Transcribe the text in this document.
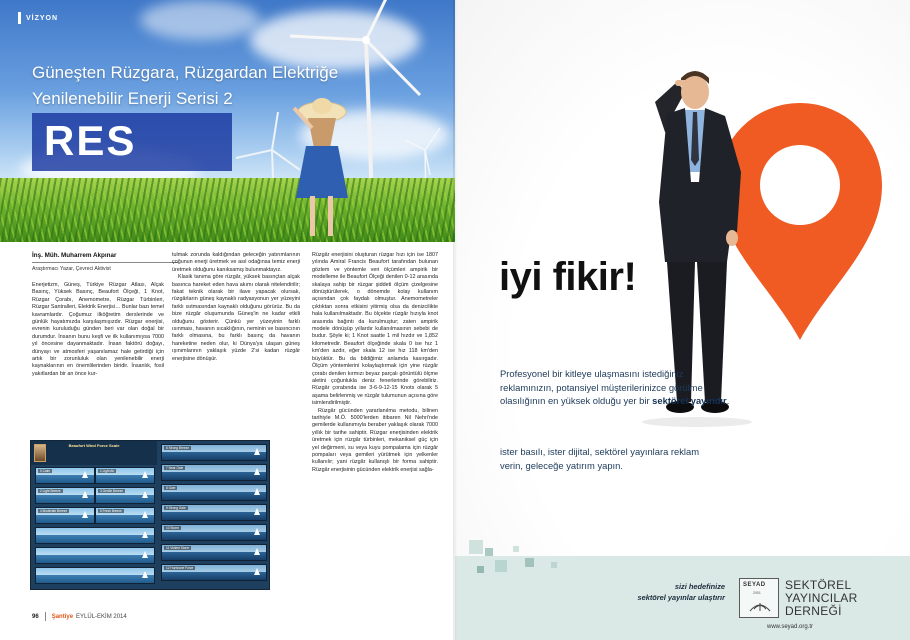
VİZYON
Güneşten Rüzgara, Rüzgardan Elektriğe
Yenilenebilir Enerji Serisi 2
RES
İnş. Müh. Muharrem Akpınar
Araştırmacı Yazar, Çevreci Aktivist

Enerjetizm, Güneş, Türkiye Rüzgar Atlası, Alçak Basınç, Yüksek Basınç, Beaufort Ölçeği, 1 Knot, Rüzgar Çorabı, Anemometre, Rüzgar Türbinleri, Rüzgar Santralleri, Elektrik Enerjisi… Bunlar bazı temel kavramlardır. Çoğumuz ilköğretim derslerinde ve günlük hayatımızda karşılaşmışızdır. Rüzgar enerjisi, evrenin kuruluduğu günden beri var olan doğal bir durumdur. İnsanın bunu keşfi ve ilk kullanımıysa 7000 yıl öncesine dayanmaktadır. İnsan faktörü doğayı, dünyayı ve atmosferi yaşanılamaz hale getirdiği için artık bir zorunluluk olan yenilenebilir enerji kaynaklarının en önemlilerinden biridir. İnsanlık, fosil yakıtlardan bir an önce kur-

tulmak zorunda kaldığından geleceğin yatırımlarının çoğunun enerji üretmek ve asıl odağınsa temiz enerji üretmek olduğunu kanıksamış bulunmaktayız.

Klasik tanıma göre rüzgâr, yüksek basınçtan alçak basınca hareket eden hava akımı olarak nitelendirilir; fakat teknik olarak bir ilave yapacak olursak, rüzgârların güneş kaynaklı radyasyonun yer yüzeyini farklı ısıtmasından kaynaklı olduğunu görürüz. Bu da bize rüzgâr oluşumunda Güneş'in ne kadar etkili olduğunu gösterir. Çünkü yer yüzeyinin farklı ısınması, havanın sıcaklığının, neminin ve basıncının farklı olmasına, bu farklı basınç da havanın hareketine neden olur, ki Dünya'ya ulaşan güneş ışınımlarının yaklaşık yüzde 2'si kadarı rüzgâr enerjisine dönüşür.

Rüzgâr enerjisini oluşturan rüzgar hızı için ise 1807 yılında Amiral Francis Beaufort tarafından bulunan gözlem ve yöntemle veri ölçümleri ampirik bir modelleme ile Beaufort Ölçeği denilen 0-12 arasında skalaya sahip bir rüzgar şiddeti ölçüm çizelgesine dönüştürülerek, o dönemde kolay kullanım açısından çok faydalı olmuştur. Anemometreler çıktıktan sonra etkisini yitirmiş olsa da denizcilikte hala kullanılmaktadır. Bu ölçekte rüzgâr hızıyla knot arasında bağıntı da kurulmuştur; zaten ampirik modele dönüşüp yıllardır kullanılmasının sebebi de budur. Şöyle ki; 1 Knot saatte 1 mil hızdır ve 1,852 kilometredir. Beaufort ölçeğinde skala 0 ise hız 1 km'den azdır, eğer skala 12 ise hız 118 km'den büyüktür. Bu da bildiğimiz anlamda kasırgadır. Ölçüm yöntemlerini kolaylaştırmak için yine rüzgâr çorabı denilen kırmızı beyaz parçalı görüntülü ölçme aletini çoğunlukla deniz fenerlerinde görebiliriz. Rüzgâr çorabında ise 3-6-9-12-15 Knots olarak 5 aşama belirlenmiş ve rüzgâr tulumunun açısına göre isimlendirilmiştir.

Rüzgâr gücünden yararlanılma metodu, bilinen tarihiyle M.Ö. 5000'lerden itibaren Nil Nehri'nde gemilerde kullanımıyla beraber yaklaşık olarak 7000 yıllık bir tarihe sahiptir. Rüzgar enerjisinden elektrik üretmek için rüzgâr türbinleri, mekaniksel güç için yel değirmeni, su veya kuyu pompalama için rüzgâr pompaları veya gemileri yürütmek için yelkenler kullanılır; yani rüzgâr kullanışlı bir forma sahiptir. Rüzgâr enerjisinin gücünden elektrik enerjisi sağla-

Beaufort Wind Force Scale
0 Calm	1 Light Air
2 Light Breeze	3 Gentle Breeze
4 Moderate Breeze	5 Fresh Breeze
6 Strong Breeze
7 Near Gale
8 Gale
9 Strong Gale
10 Storm
11 Violent Storm
12 Hurricane Force
96 Şantiye EYLÜL-EKİM 2014
iyi fikir!
Profesyonel bir kitleye ulaşmasını istediğiniz reklamınızın, potansiyel müşterilerinizce görülme olasılığının en yüksek olduğu yer bir sektörel yayındır.
ister basılı, ister dijital, sektörel yayınlara reklam verin, geleceğe yatırım yapın.
sizi hedefinize
sektörel yayınlar ulaştırır
SEYAD
2001
SEKTÖREL
YAYINCILAR
DERNEĞİ
www.seyad.org.tr
